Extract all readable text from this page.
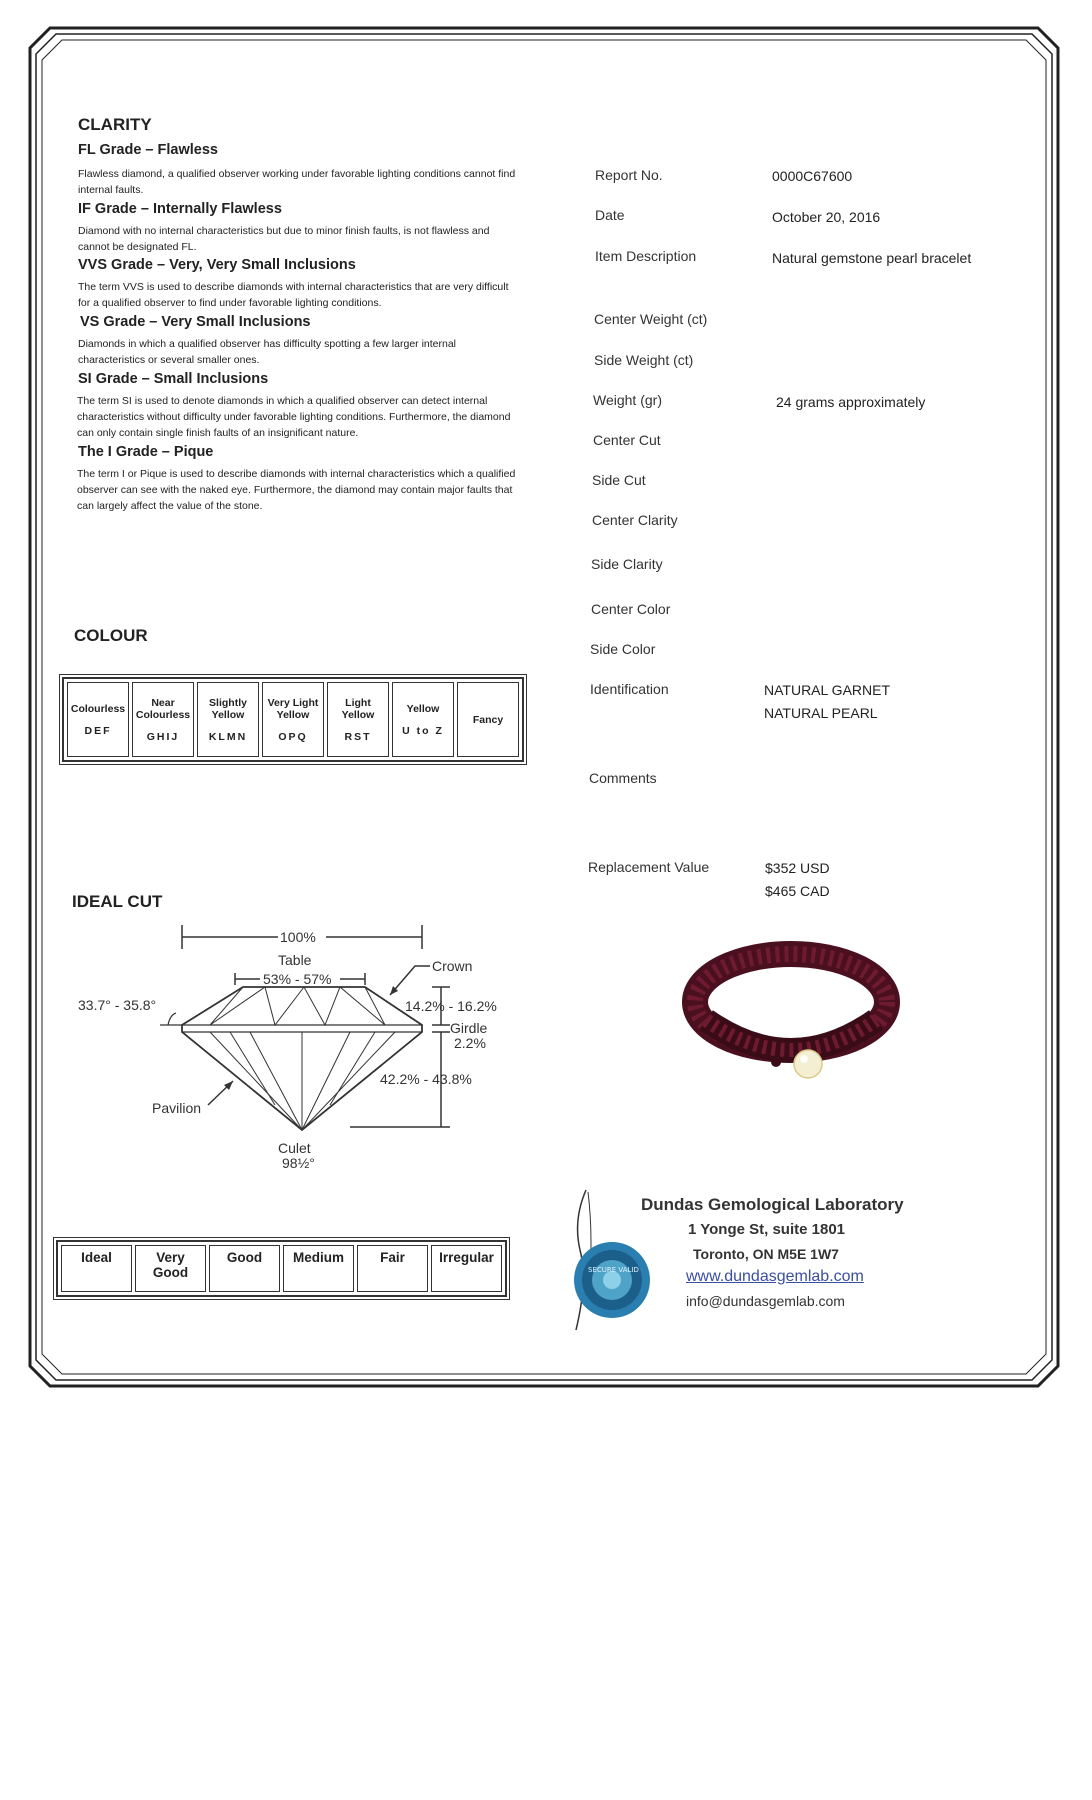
CLARITY
FL Grade – Flawless
Flawless diamond, a qualified observer working under favorable lighting conditions cannot find internal faults.
IF Grade – Internally Flawless
Diamond with no internal characteristics but due to minor finish faults, is not flawless and cannot be designated FL.
VVS Grade – Very, Very Small Inclusions
The term VVS is used to describe diamonds with internal characteristics that are very difficult for a qualified observer to find under favorable lighting conditions.
VS Grade – Very Small Inclusions
Diamonds in which a qualified observer has difficulty spotting a few larger internal characteristics or several smaller ones.
SI Grade – Small Inclusions
The term SI is used to denote diamonds in which a qualified observer can detect internal characteristics without difficulty under favorable lighting conditions. Furthermore, the diamond can only contain single finish faults of an insignificant nature.
The I Grade – Pique
The term I or Pique is used to describe diamonds with internal characteristics which a qualified observer can see with the naked eye. Furthermore, the diamond may contain major faults that can largely affect the value of the stone.
COLOUR
Colourless
DEF
	Near Colourless
GHIJ
	Slightly Yellow
KLMN
	Very Light Yellow
OPQ
	Light Yellow
RST
	Yellow
U to Z
	Fancy
IDEAL CUT
100%
Table
53% - 57%
Crown
33.7° - 35.8°	14.2% - 16.2%
Girdle
2.2%
42.2% - 43.8%
Pavilion
Culet
98½°
Ideal	Very Good	Good	Medium	Fair	Irregular
Report No.	0000C67600
Date	October 20, 2016
Item Description	Natural gemstone pearl bracelet
Center Weight (ct)
Side Weight (ct)
Weight (gr)	24 grams approximately
Center Cut
Side Cut
Center Clarity
Side Clarity
Center Color
Side Color
Identification	NATURAL GARNET
NATURAL PEARL
Comments
Replacement Value	$352 USD
$465 CAD
SECURE VALID
Dundas Gemological Laboratory
1 Yonge St, suite 1801
Toronto, ON M5E 1W7
www.dundasgemlab.com
info@dundasgemlab.com
